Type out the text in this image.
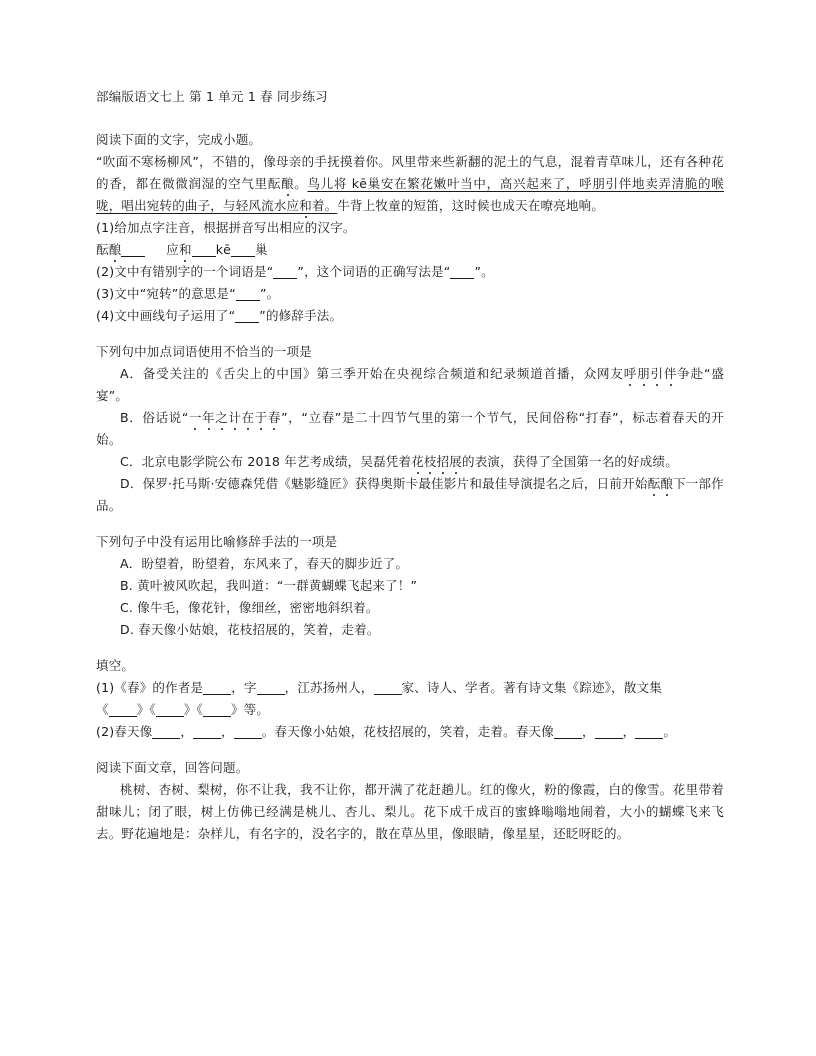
部编版语文七上 第 1 单元 1 春 同步练习
阅读下面的文字，完成小题。
“吹面不寒杨柳风”，不错的，像母亲的手抚摸着你。风里带来些新翻的泥土的气息，混着青草味儿，还有各种花的香，都在微微润湿的空气里酝酿。鸟儿将 kē巢安在繁花嫩叶当中，高兴起来了，呼朋引伴地卖弄清脆的喉咙，唱出宛转的曲子，与轻风流水应和着。牛背上牧童的短笛，这时候也成天在嘹亮地响。
(1)给加点字注音，根据拼音写出相应的汉字。
酝酿	应和 kē 巢
(2)文中有错别字的一个词语是“ ”，这个词语的正确写法是“ ”。
(3)文中“宛转”的意思是“ ”。
(4)文中画线句子运用了“ ”的修辞手法。
下列句中加点词语使用不恰当的一项是
A．备受关注的《舌尖上的中国》第三季开始在央视综合频道和纪录频道首播，众网友呼朋引伴争赴“盛宴”。
B．俗话说“一年之计在于春”，“立春”是二十四节气里的第一个节气，民间俗称“打春”，标志着春天的开始。
C．北京电影学院公布 2018 年艺考成绩，吴磊凭着花枝招展的表演，获得了全国第一名的好成绩。
D．保罗·托马斯·安德森凭借《魅影缝匠》获得奥斯卡最佳影片和最佳导演提名之后，日前开始酝酿下一部作品。
下列句子中没有运用比喻修辞手法的一项是
A．盼望着，盼望着，东风来了，春天的脚步近了。
B. 黄叶被风吹起，我叫道：“一群黄蝴蝶飞起来了！”
C. 像牛毛，像花针，像细丝，密密地斜织着。
D. 春天像小姑娘，花枝招展的，笑着，走着。
填空。
(1)《春》的作者是 ，字 ，江苏扬州人， 家、诗人、学者。著有诗文集《踪迹》，散文集
《 》《 》《 》等。
(2)春天像 ， ， 。春天像小姑娘，花枝招展的，笑着，走着。春天像 ， ， 。
阅读下面文章，回答问题。
桃树、杏树、梨树，你不让我，我不让你，都开满了花赶趟儿。红的像火，粉的像霞，白的像雪。花里带着甜味儿；闭了眼，树上仿佛已经满是桃儿、杏儿、梨儿。花下成千成百的蜜蜂嗡嗡地闹着，大小的蝴蝶飞来飞去。野花遍地是：杂样儿，有名字的，没名字的，散在草丛里，像眼睛，像星星，还眨呀眨的。
